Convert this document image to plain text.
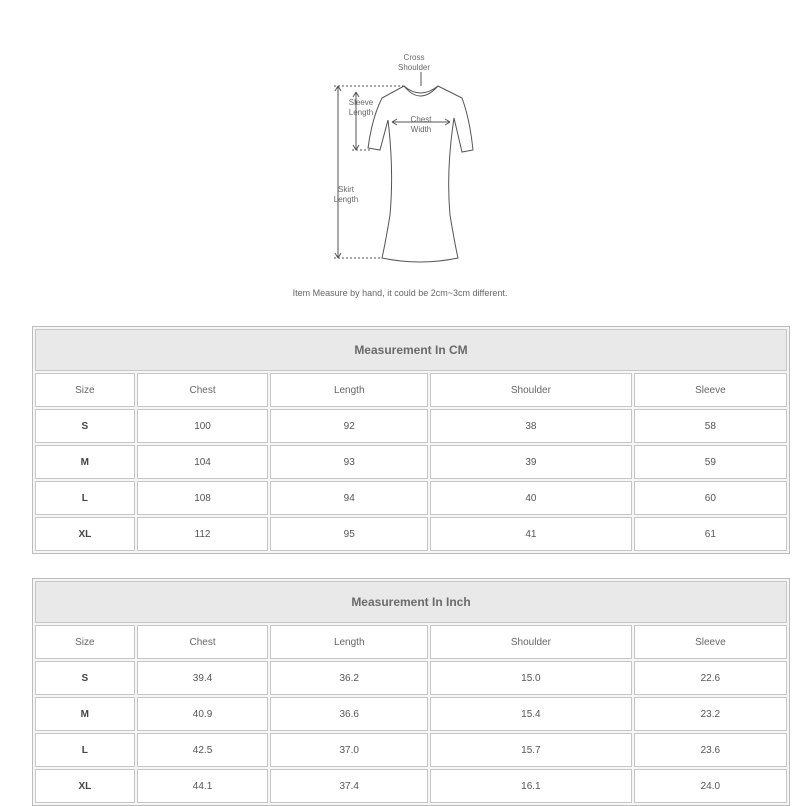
Cross
Shoulder
Sleeve
Length
Chest
Width
Skirt
Length
Item Measure by hand, it could be 2cm~3cm different.
Measurement In CM				
Size	Chest	Length	Shoulder	Sleeve
S	100	92	38	58
M	104	93	39	59
L	108	94	40	60
XL	112	95	41	61
Measurement In Inch				
Size	Chest	Length	Shoulder	Sleeve
S	39.4	36.2	15.0	22.6
M	40.9	36.6	15.4	23.2
L	42.5	37.0	15.7	23.6
XL	44.1	37.4	16.1	24.0
